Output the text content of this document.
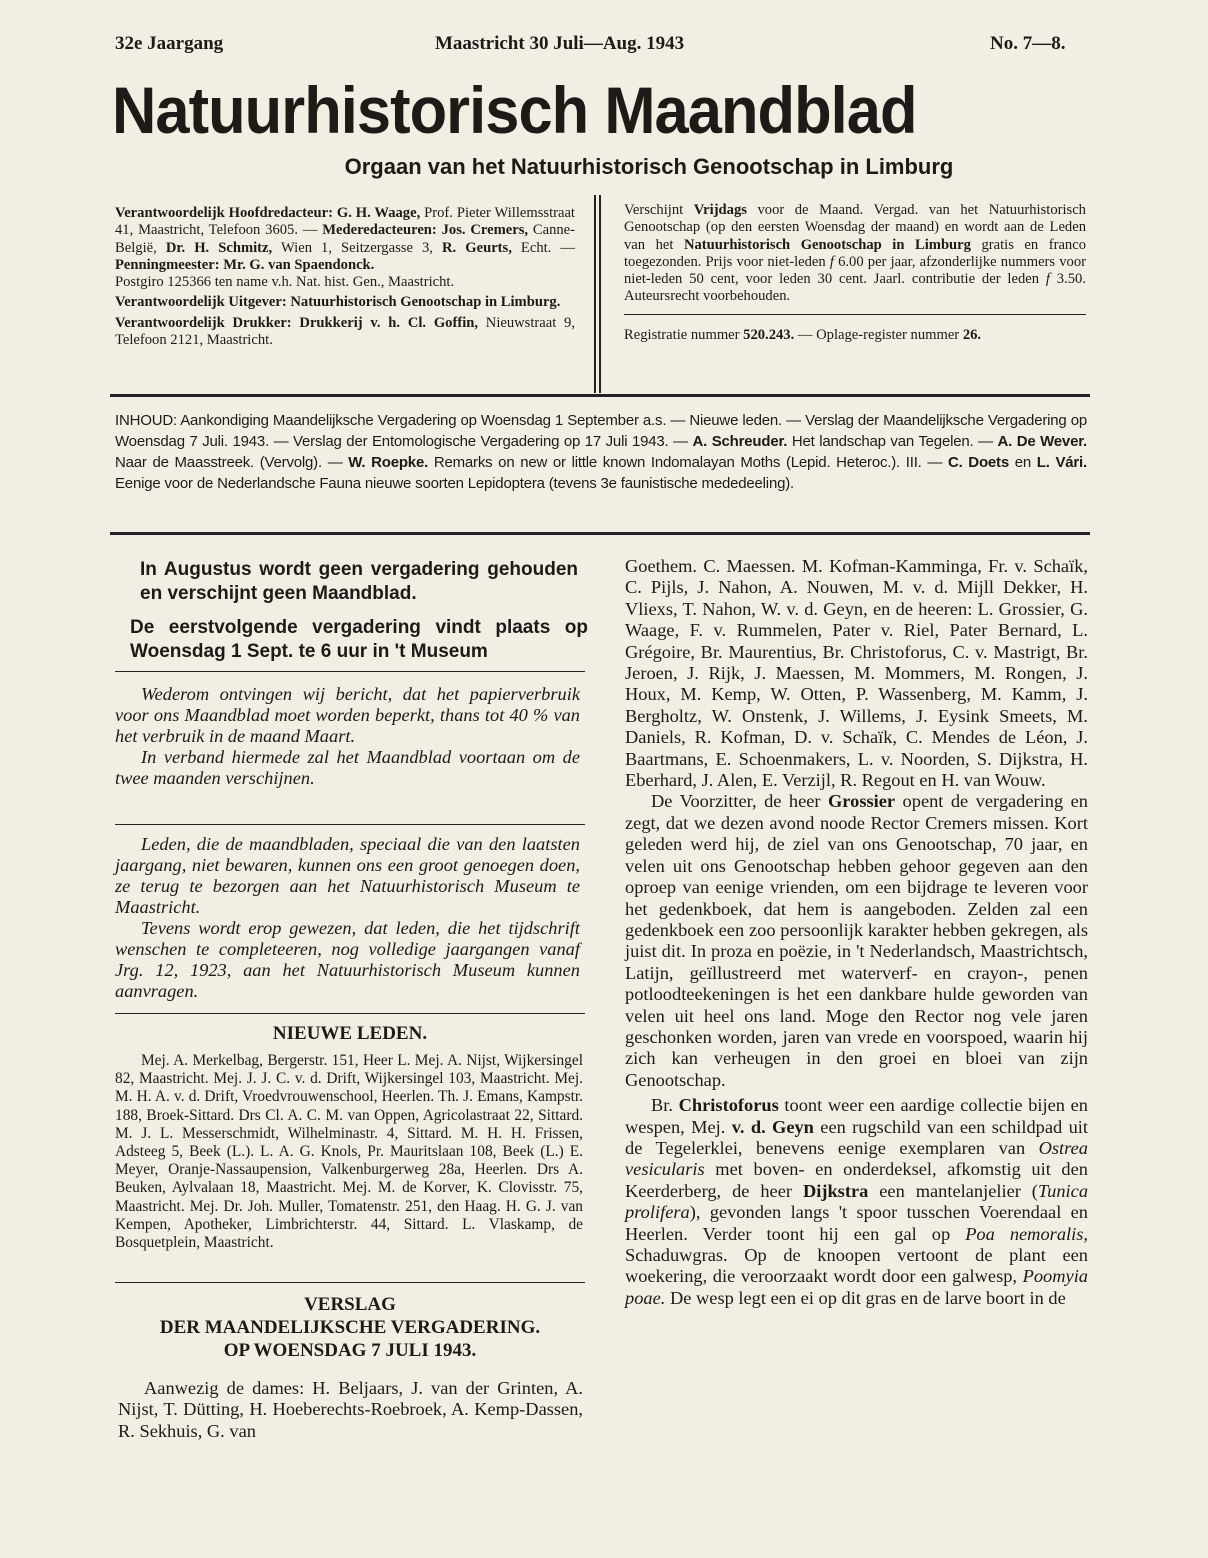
32e Jaargang	Maastricht 30 Juli—Aug. 1943	No. 7—8.
Natuurhistorisch Maandblad
Orgaan van het Natuurhistorisch Genootschap in Limburg

Verantwoordelijk Hoofdredacteur: G. H. Waage, Prof. Pieter Willemsstraat 41, Maastricht, Telefoon 3605. — Mederedacteuren: Jos. Cremers, Canne-België, Dr. H. Schmitz, Wien 1, Seitzergasse 3, R. Geurts, Echt. — Penningmeester: Mr. G. van Spaendonck.

Postgiro 125366 ten name v.h. Nat. hist. Gen., Maastricht.

Verantwoordelijk Uitgever: Natuurhistorisch Genootschap in Limburg.

Verantwoordelijk Drukker: Drukkerij v. h. Cl. Goffin, Nieuwstraat 9, Telefoon 2121, Maastricht.

Verschijnt Vrijdags voor de Maand. Vergad. van het Natuurhistorisch Genootschap (op den eersten Woensdag der maand) en wordt aan de Leden van het Natuurhistorisch Genootschap in Limburg gratis en franco toegezonden. Prijs voor niet-leden f 6.00 per jaar, afzonderlijke nummers voor niet-leden 50 cent, voor leden 30 cent. Jaarl. contributie der leden f 3.50. Auteursrecht voorbehouden.

Registratie nummer 520.243. — Oplage-register nummer 26.

INHOUD: Aankondiging Maandelijksche Vergadering op Woensdag 1 September a.s. — Nieuwe leden. — Verslag der Maandelijksche Vergadering op Woensdag 7 Juli. 1943. — Verslag der Entomologische Vergadering op 17 Juli 1943. — A. Schreuder. Het landschap van Tegelen. — A. De Wever. Naar de Maasstreek. (Vervolg). — W. Roepke. Remarks on new or little known Indomalayan Moths (Lepid. Heteroc.). III. — C. Doets en L. Vári. Eenige voor de Nederlandsche Fauna nieuwe soorten Lepidoptera (tevens 3e faunistische mededeeling).

In Augustus wordt geen vergadering gehouden en verschijnt geen Maandblad.

De eerstvolgende vergadering vindt plaats op Woensdag 1 Sept. te 6 uur in 't Museum

Wederom ontvingen wij bericht, dat het papierverbruik voor ons Maandblad moet worden beperkt, thans tot 40 % van het verbruik in de maand Maart.

In verband hiermede zal het Maandblad voortaan om de twee maanden verschijnen.

Leden, die de maandbladen, speciaal die van den laatsten jaargang, niet bewaren, kunnen ons een groot genoegen doen, ze terug te bezorgen aan het Natuurhistorisch Museum te Maastricht.

Tevens wordt erop gewezen, dat leden, die het tijdschrift wenschen te completeeren, nog volledige jaargangen vanaf Jrg. 12, 1923, aan het Natuurhistorisch Museum kunnen aanvragen.

NIEUWE LEDEN.
Mej. A. Merkelbag, Bergerstr. 151, Heer L. Mej. A. Nijst, Wijkersingel 82, Maastricht. Mej. J. J. C. v. d. Drift, Wijkersingel 103, Maastricht. Mej. M. H. A. v. d. Drift, Vroedvrouwenschool, Heerlen. Th. J. Emans, Kampstr. 188, Broek-Sittard. Drs Cl. A. C. M. van Oppen, Agricolastraat 22, Sittard. M. J. L. Messerschmidt, Wilhelminastr. 4, Sittard. M. H. H. Frissen, Adsteeg 5, Beek (L.). L. A. G. Knols, Pr. Mauritslaan 108, Beek (L.) E. Meyer, Oranje-Nassaupension, Valkenburgerweg 28a, Heerlen. Drs A. Beuken, Aylvalaan 18, Maastricht. Mej. M. de Korver, K. Clovisstr. 75, Maastricht. Mej. Dr. Joh. Muller, Tomatenstr. 251, den Haag. H. G. J. van Kempen, Apotheker, Limbrichterstr. 44, Sittard. L. Vlaskamp, de Bosquetplein, Maastricht.
VERSLAG
DER MAANDELIJKSCHE VERGADERING.
OP WOENSDAG 7 JULI 1943.
Aanwezig de dames: H. Beljaars, J. van der Grinten, A. Nijst, T. Dütting, H. Hoeberechts-Roebroek, A. Kemp-Dassen, R. Sekhuis, G. van

Goethem. C. Maessen. M. Kofman-Kamminga, Fr. v. Schaïk, C. Pijls, J. Nahon, A. Nouwen, M. v. d. Mijll Dekker, H. Vliexs, T. Nahon, W. v. d. Geyn, en de heeren: L. Grossier, G. Waage, F. v. Rummelen, Pater v. Riel, Pater Bernard, L. Grégoire, Br. Maurentius, Br. Christoforus, C. v. Mastrigt, Br. Jeroen, J. Rijk, J. Maessen, M. Mommers, M. Rongen, J. Houx, M. Kemp, W. Otten, P. Wassenberg, M. Kamm, J. Bergholtz, W. Onstenk, J. Willems, J. Eysink Smeets, M. Daniels, R. Kofman, D. v. Schaïk, C. Mendes de Léon, J. Baartmans, E. Schoenmakers, L. v. Noorden, S. Dijkstra, H. Eberhard, J. Alen, E. Verzijl, R. Regout en H. van Wouw.

De Voorzitter, de heer Grossier opent de vergadering en zegt, dat we dezen avond noode Rector Cremers missen. Kort geleden werd hij, de ziel van ons Genootschap, 70 jaar, en velen uit ons Genootschap hebben gehoor gegeven aan den oproep van eenige vrienden, om een bijdrage te leveren voor het gedenkboek, dat hem is aangeboden. Zelden zal een gedenkboek een zoo persoonlijk karakter hebben gekregen, als juist dit. In proza en poëzie, in 't Nederlandsch, Maastrichtsch, Latijn, geïllustreerd met waterverf- en crayon-, penen potloodteekeningen is het een dankbare hulde geworden van velen uit heel ons land. Moge den Rector nog vele jaren geschonken worden, jaren van vrede en voorspoed, waarin hij zich kan verheugen in den groei en bloei van zijn Genootschap.

Br. Christoforus toont weer een aardige collectie bijen en wespen, Mej. v. d. Geyn een rugschild van een schildpad uit de Tegelerklei, benevens eenige exemplaren van Ostrea vesicularis met boven- en onderdeksel, afkomstig uit den Keerderberg, de heer Dijkstra een mantelanjelier (Tunica prolifera), gevonden langs 't spoor tusschen Voerendaal en Heerlen. Verder toont hij een gal op Poa nemoralis, Schaduwgras. Op de knoopen vertoont de plant een woekering, die veroorzaakt wordt door een galwesp, Poomyia poae. De wesp legt een ei op dit gras en de larve boort in de
